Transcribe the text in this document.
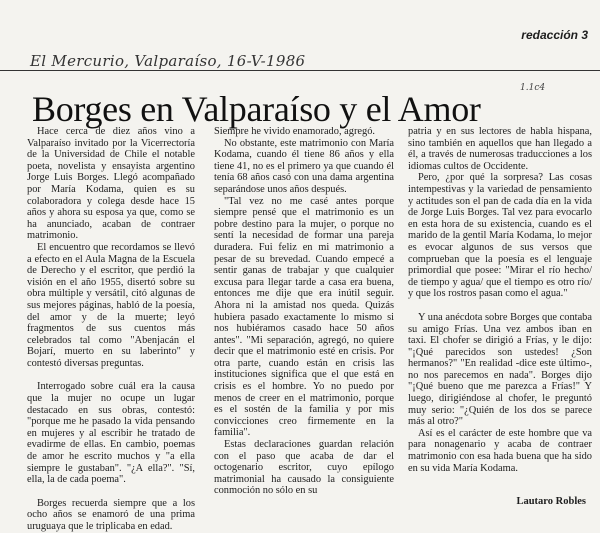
El Mercurio, Valparaíso, 16-V-1986
redacción 3
1.1c4
Borges en Valparaíso y el Amor

Hace cerca de diez años vino a Valparaíso invitado por la Vicerrectoría de la Universidad de Chile el notable poeta, novelista y ensayista argentino Jorge Luis Borges. Llegó acompañado por María Kodama, quien es su colaboradora y colega desde hace 15 años y ahora su esposa ya que, como se ha anunciado, acaban de contraer matrimonio.

El encuentro que recordamos se llevó a efecto en el Aula Magna de la Escuela de Derecho y el escritor, que perdió la visión en el año 1955, disertó sobre su obra múltiple y versátil, citó algunas de sus mejores páginas, habló de la poesía, del amor y de la muerte; leyó fragmentos de sus cuentos más celebrados tal como "Abenjacán el Bojarí, muerto en su laberinto" y contestó diversas preguntas.

Interrogado sobre cuál era la causa que la mujer no ocupe un lugar destacado en sus obras, contestó: "porque me he pasado la vida pensando en mujeres y al escribir he tratado de evadirme de ellas. En cambio, poemas de amor he escrito muchos y "a ella siempre le gustaban". "¿A ella?". "Sí, ella, la de cada poema".

Borges recuerda siempre que a los ocho años se enamoró de una prima uruguaya que le triplicaba en edad.

Siempre he vivido enamorado, agregó.

No obstante, este matrimonio con María Kodama, cuando él tiene 86 años y ella tiene 41, no es el primero ya que cuando él tenía 68 años casó con una dama argentina separándose unos años después.

"Tal vez no me casé antes porque siempre pensé que el matrimonio es un pobre destino para la mujer, o porque no sentí la necesidad de formar una pareja duradera. Fui feliz en mi matrimonio a pesar de su brevedad. Cuando empecé a sentir ganas de trabajar y que cualquier excusa para llegar tarde a casa era buena, entonces me dije que era inútil seguir. Ahora ni la amistad nos queda. Quizás hubiera pasado exactamente lo mismo si nos hubiéramos casado hace 50 años antes". "Mi separación, agregó, no quiere decir que el matrimonio esté en crisis. Por otra parte, cuando están en crisis las instituciones significa que el que está en crisis es el hombre. Yo no puedo por menos de creer en el matrimonio, porque es el sostén de la familia y por mis convicciones creo firmemente en la familia".

Estas declaraciones guardan relación con el paso que acaba de dar el octogenario escritor, cuyo epílogo matrimonial ha causado la consiguiente conmoción no sólo en su

patria y en sus lectores de habla hispana, sino también en aquellos que han llegado a él, a través de numerosas traducciones a los idiomas cultos de Occidente.

Pero, ¿por qué la sorpresa? Las cosas intempestivas y la variedad de pensamiento y actitudes son el pan de cada día en la vida de Jorge Luis Borges. Tal vez para evocarlo en esta hora de su existencia, cuando es el marido de la gentil María Kodama, lo mejor es evocar algunos de sus versos que comprueban que la poesía es el lenguaje primordial que posee: "Mirar el río hecho/ de tiempo y agua/ que el tiempo es otro río/ y que los rostros pasan como el agua."

Y una anécdota sobre Borges que contaba su amigo Frías. Una vez ambos iban en taxi. El chofer se dirigió a Frías, y le dijo: "¡Qué parecidos son ustedes! ¿Son hermanos?" "En realidad -dice este último-, no nos parecemos en nada". Borges dijo "¡Qué bueno que me parezca a Frías!" Y luego, dirigiéndose al chofer, le preguntó muy serio: "¿Quién de los dos se parece más al otro?"

Así es el carácter de este hombre que va para nonagenario y acaba de contraer matrimonio con esa hada buena que ha sido en su vida María Kodama.

Lautaro Robles
